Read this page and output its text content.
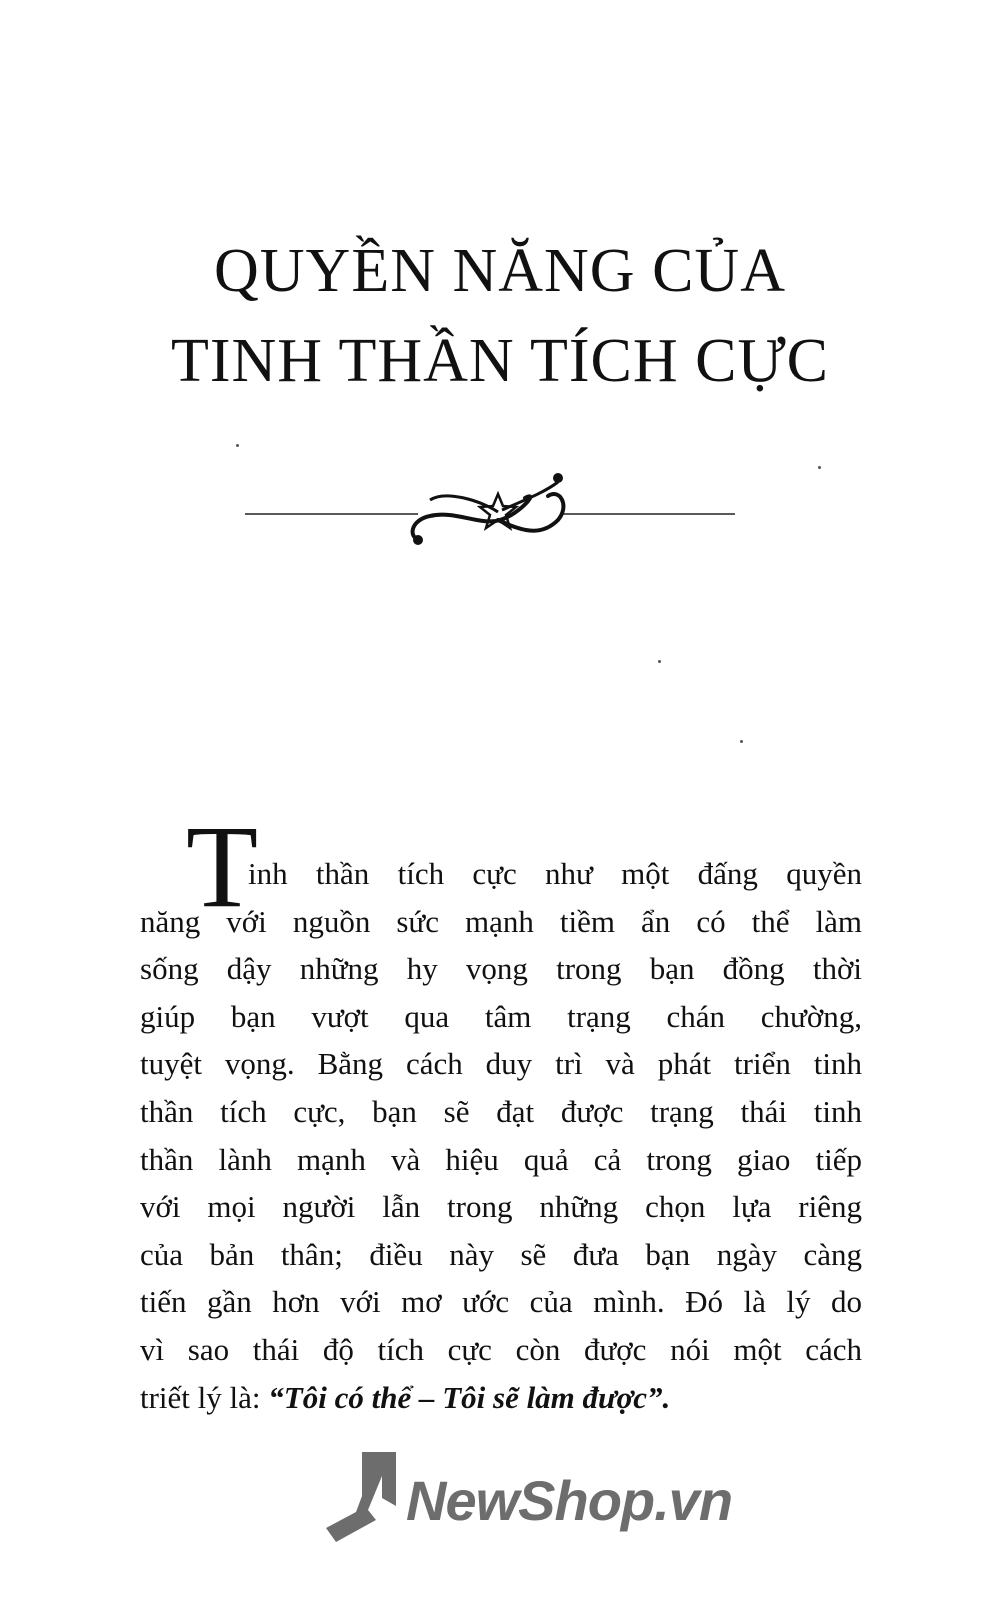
QUYỀN NĂNG CỦA
TINH THẦN TÍCH CỰC
T
inh thần tích cực như một đấng quyền
năng với nguồn sức mạnh tiềm ẩn có thể làm
sống dậy những hy vọng trong bạn đồng thời
giúp bạn vượt qua tâm trạng chán chường,
tuyệt vọng. Bằng cách duy trì và phát triển tinh
thần tích cực, bạn sẽ đạt được trạng thái tinh
thần lành mạnh và hiệu quả cả trong giao tiếp
với mọi người lẫn trong những chọn lựa riêng
của bản thân; điều này sẽ đưa bạn ngày càng
tiến gần hơn với mơ ước của mình. Đó là lý do
vì sao thái độ tích cực còn được nói một cách
triết lý là: “Tôi có thể – Tôi sẽ làm được”.
NewShop.vn
